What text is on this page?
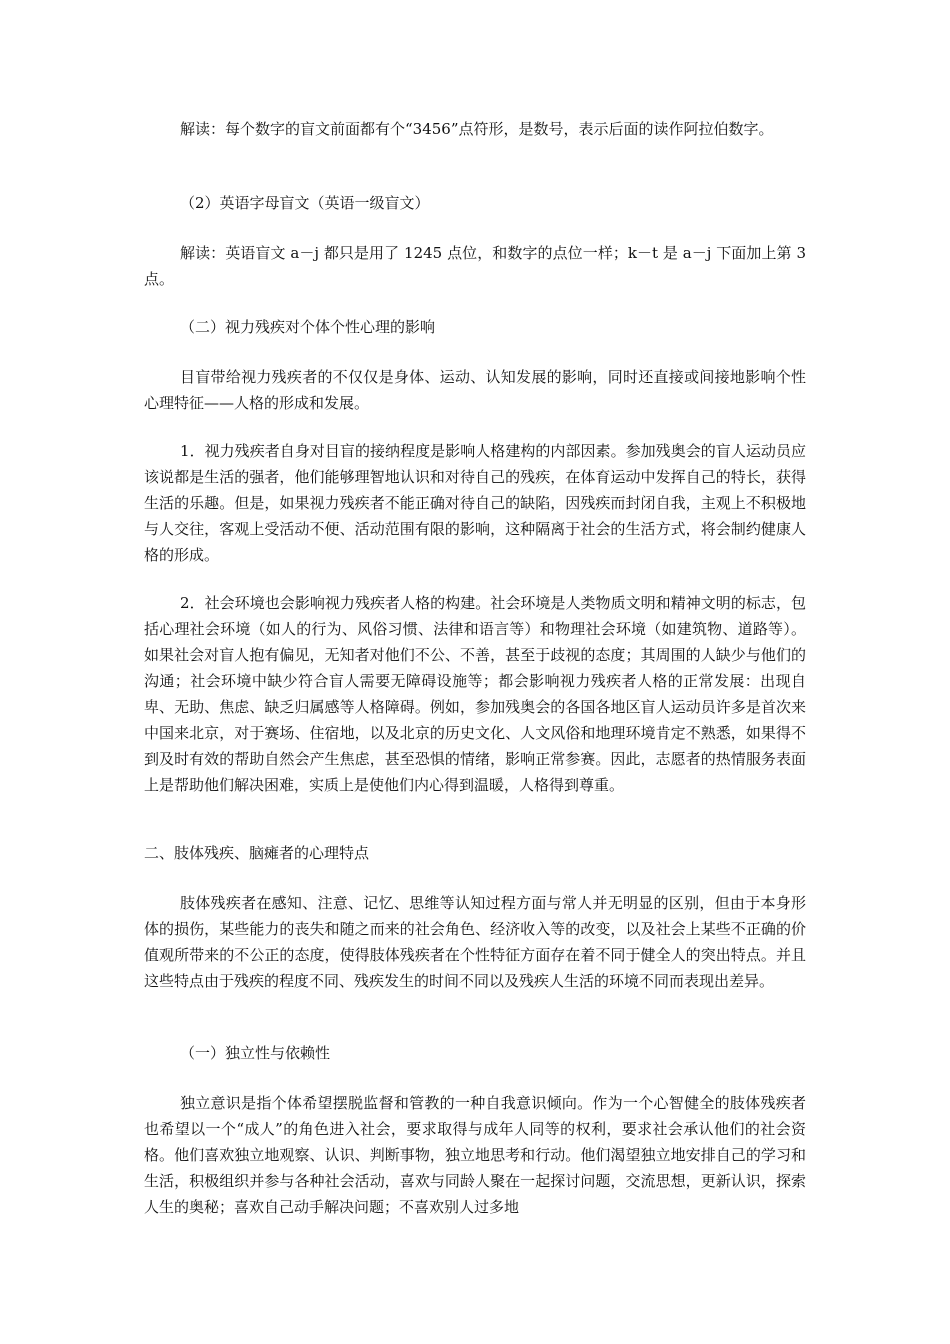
解读：每个数字的盲文前面都有个“3456”点符形，是数号，表示后面的读作阿拉伯数字。

（2）英语字母盲文（英语一级盲文）

解读：英语盲文 a－j 都只是用了 1245 点位，和数字的点位一样；k－t 是 a－j 下面加上第 3 点。

（二）视力残疾对个体个性心理的影响

目盲带给视力残疾者的不仅仅是身体、运动、认知发展的影响，同时还直接或间接地影响个性心理特征——人格的形成和发展。

1．视力残疾者自身对目盲的接纳程度是影响人格建构的内部因素。参加残奥会的盲人运动员应该说都是生活的强者，他们能够理智地认识和对待自己的残疾，在体育运动中发挥自己的特长，获得生活的乐趣。但是，如果视力残疾者不能正确对待自己的缺陷，因残疾而封闭自我，主观上不积极地与人交往，客观上受活动不便、活动范围有限的影响，这种隔离于社会的生活方式，将会制约健康人格的形成。

2．社会环境也会影响视力残疾者人格的构建。社会环境是人类物质文明和精神文明的标志，包括心理社会环境（如人的行为、风俗习惯、法律和语言等）和物理社会环境（如建筑物、道路等）。如果社会对盲人抱有偏见，无知者对他们不公、不善，甚至于歧视的态度；其周围的人缺少与他们的沟通；社会环境中缺少符合盲人需要无障碍设施等；都会影响视力残疾者人格的正常发展：出现自卑、无助、焦虑、缺乏归属感等人格障碍。例如，参加残奥会的各国各地区盲人运动员许多是首次来中国来北京，对于赛场、住宿地，以及北京的历史文化、人文风俗和地理环境肯定不熟悉，如果得不到及时有效的帮助自然会产生焦虑，甚至恐惧的情绪，影响正常参赛。因此，志愿者的热情服务表面上是帮助他们解决困难，实质上是使他们内心得到温暖，人格得到尊重。

二、肢体残疾、脑瘫者的心理特点

肢体残疾者在感知、注意、记忆、思维等认知过程方面与常人并无明显的区别，但由于本身形体的损伤，某些能力的丧失和随之而来的社会角色、经济收入等的改变，以及社会上某些不正确的价值观所带来的不公正的态度，使得肢体残疾者在个性特征方面存在着不同于健全人的突出特点。并且这些特点由于残疾的程度不同、残疾发生的时间不同以及残疾人生活的环境不同而表现出差异。

（一）独立性与依赖性

独立意识是指个体希望摆脱监督和管教的一种自我意识倾向。作为一个心智健全的肢体残疾者也希望以一个“成人”的角色进入社会，要求取得与成年人同等的权利，要求社会承认他们的社会资格。他们喜欢独立地观察、认识、判断事物，独立地思考和行动。他们渴望独立地安排自己的学习和生活，积极组织并参与各种社会活动，喜欢与同龄人聚在一起探讨问题，交流思想，更新认识，探索人生的奥秘；喜欢自己动手解决问题；不喜欢别人过多地
